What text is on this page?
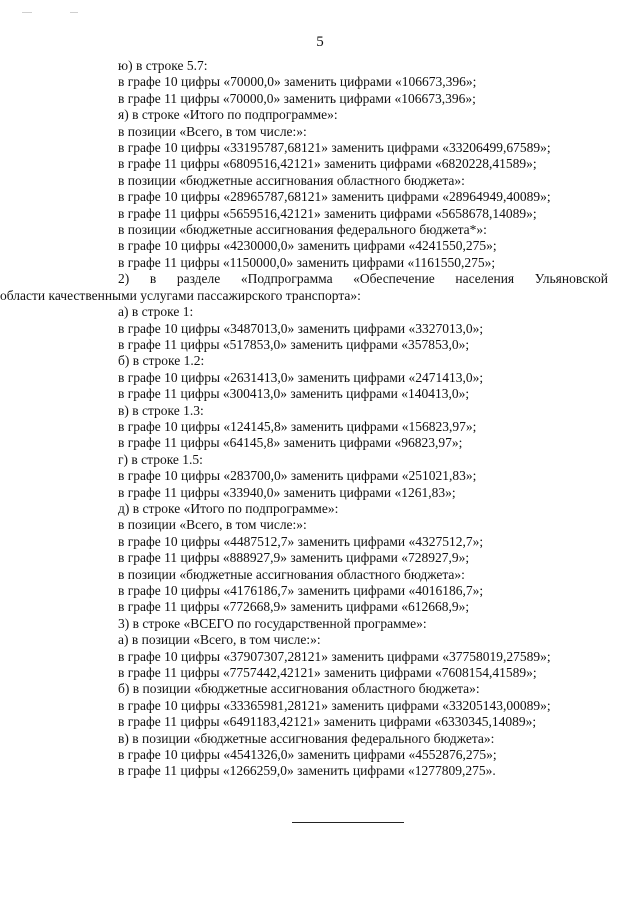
5
ю) в строке 5.7:
в графе 10 цифры «70000,0» заменить цифрами «106673,396»;
в графе 11 цифры «70000,0» заменить цифрами «106673,396»;
я) в строке «Итого по подпрограмме»:
в позиции «Всего, в том числе:»:
в графе 10 цифры «33195787,68121» заменить цифрами «33206499,67589»;
в графе 11 цифры «6809516,42121» заменить цифрами «6820228,41589»;
в позиции «бюджетные ассигнования областного бюджета»:
в графе 10 цифры «28965787,68121» заменить цифрами «28964949,40089»;
в графе 11 цифры «5659516,42121» заменить цифрами «5658678,14089»;
в позиции «бюджетные ассигнования федерального бюджета*»:
в графе 10 цифры «4230000,0» заменить цифрами «4241550,275»;
в графе 11 цифры «1150000,0» заменить цифрами «1161550,275»;
2) в разделе «Подпрограмма «Обеспечение населения Ульяновской
области качественными услугами пассажирского транспорта»:
а) в строке 1:
в графе 10 цифры «3487013,0» заменить цифрами «3327013,0»;
в графе 11 цифры «517853,0» заменить цифрами «357853,0»;
б) в строке 1.2:
в графе 10 цифры «2631413,0» заменить цифрами «2471413,0»;
в графе 11 цифры «300413,0» заменить цифрами «140413,0»;
в) в строке 1.3:
в графе 10 цифры «124145,8» заменить цифрами «156823,97»;
в графе 11 цифры «64145,8» заменить цифрами «96823,97»;
г) в строке 1.5:
в графе 10 цифры «283700,0» заменить цифрами «251021,83»;
в графе 11 цифры «33940,0» заменить цифрами «1261,83»;
д) в строке «Итого по подпрограмме»:
в позиции «Всего, в том числе:»:
в графе 10 цифры «4487512,7» заменить цифрами «4327512,7»;
в графе 11 цифры «888927,9» заменить цифрами «728927,9»;
в позиции «бюджетные ассигнования областного бюджета»:
в графе 10 цифры «4176186,7» заменить цифрами «4016186,7»;
в графе 11 цифры «772668,9» заменить цифрами «612668,9»;
3) в строке «ВСЕГО по государственной программе»:
а) в позиции «Всего, в том числе:»:
в графе 10 цифры «37907307,28121» заменить цифрами «37758019,27589»;
в графе 11 цифры «7757442,42121» заменить цифрами «7608154,41589»;
б) в позиции «бюджетные ассигнования областного бюджета»:
в графе 10 цифры «33365981,28121» заменить цифрами «33205143,00089»;
в графе 11 цифры «6491183,42121» заменить цифрами «6330345,14089»;
в) в позиции «бюджетные ассигнования федерального бюджета»:
в графе 10 цифры «4541326,0» заменить цифрами «4552876,275»;
в графе 11 цифры «1266259,0» заменить цифрами «1277809,275».
